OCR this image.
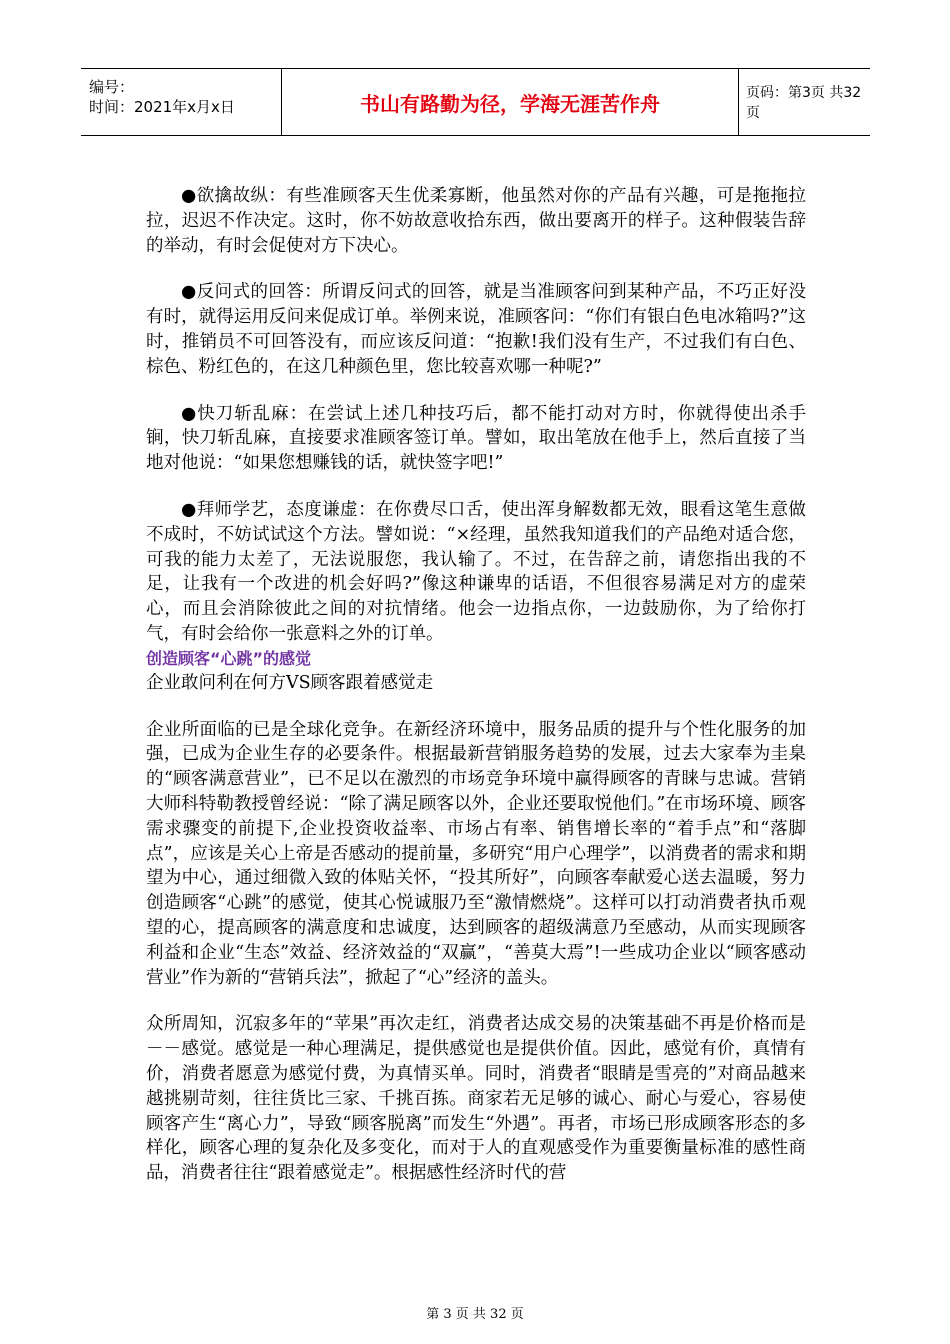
编号：
时间：2021年x月x日	书山有路勤为径，学海无涯苦作舟	页码：第3页 共32页

●欲擒故纵：有些准顾客天生优柔寡断，他虽然对你的产品有兴趣，可是拖拖拉拉，迟迟不作决定。这时，你不妨故意收拾东西，做出要离开的样子。这种假装告辞的举动，有时会促使对方下决心。

●反问式的回答：所谓反问式的回答，就是当准顾客问到某种产品，不巧正好没有时，就得运用反问来促成订单。举例来说，准顾客问：“你们有银白色电冰箱吗?”这时，推销员不可回答没有，而应该反问道：“抱歉!我们没有生产，不过我们有白色、棕色、粉红色的，在这几种颜色里，您比较喜欢哪一种呢?”

●快刀斩乱麻：在尝试上述几种技巧后，都不能打动对方时，你就得使出杀手锏，快刀斩乱麻，直接要求准顾客签订单。譬如，取出笔放在他手上，然后直接了当地对他说：“如果您想赚钱的话，就快签字吧!”

●拜师学艺，态度谦虚：在你费尽口舌，使出浑身解数都无效，眼看这笔生意做不成时，不妨试试这个方法。譬如说：“×经理，虽然我知道我们的产品绝对适合您，可我的能力太差了，无法说服您，我认输了。不过，在告辞之前，请您指出我的不足，让我有一个改进的机会好吗?”像这种谦卑的话语，不但很容易满足对方的虚荣心，而且会消除彼此之间的对抗情绪。他会一边指点你，一边鼓励你，为了给你打气，有时会给你一张意料之外的订单。

创造顾客“心跳”的感觉

企业敢问利在何方VS顾客跟着感觉走

企业所面临的已是全球化竞争。在新经济环境中，服务品质的提升与个性化服务的加强，已成为企业生存的必要条件。根据最新营销服务趋势的发展，过去大家奉为圭臬的“顾客满意营业”，已不足以在激烈的市场竞争环境中赢得顾客的青睐与忠诚。营销大师科特勒教授曾经说：“除了满足顾客以外，企业还要取悦他们。”在市场环境、顾客需求骤变的前提下,企业投资收益率、市场占有率、销售增长率的“着手点”和“落脚点”，应该是关心上帝是否感动的提前量，多研究“用户心理学”，以消费者的需求和期望为中心，通过细微入致的体贴关怀，“投其所好”，向顾客奉献爱心送去温暖，努力创造顾客“心跳”的感觉，使其心悦诚服乃至“激情燃烧”。这样可以打动消费者执币观望的心，提高顾客的满意度和忠诚度，达到顾客的超级满意乃至感动，从而实现顾客利益和企业“生态”效益、经济效益的“双赢”，“善莫大焉”!一些成功企业以“顾客感动营业”作为新的“营销兵法”，掀起了“心”经济的盖头。

众所周知，沉寂多年的“苹果”再次走红，消费者达成交易的决策基础不再是价格而是－－感觉。感觉是一种心理满足，提供感觉也是提供价值。因此，感觉有价，真情有价，消费者愿意为感觉付费，为真情买单。同时，消费者“眼睛是雪亮的”对商品越来越挑剔苛刻，往往货比三家、千挑百拣。商家若无足够的诚心、耐心与爱心，容易使顾客产生“离心力”，导致“顾客脱离”而发生“外遇”。再者，市场已形成顾客形态的多样化，顾客心理的复杂化及多变化，而对于人的直观感受作为重要衡量标准的感性商品，消费者往往“跟着感觉走”。根据感性经济时代的营

第 3 页 共 32 页
